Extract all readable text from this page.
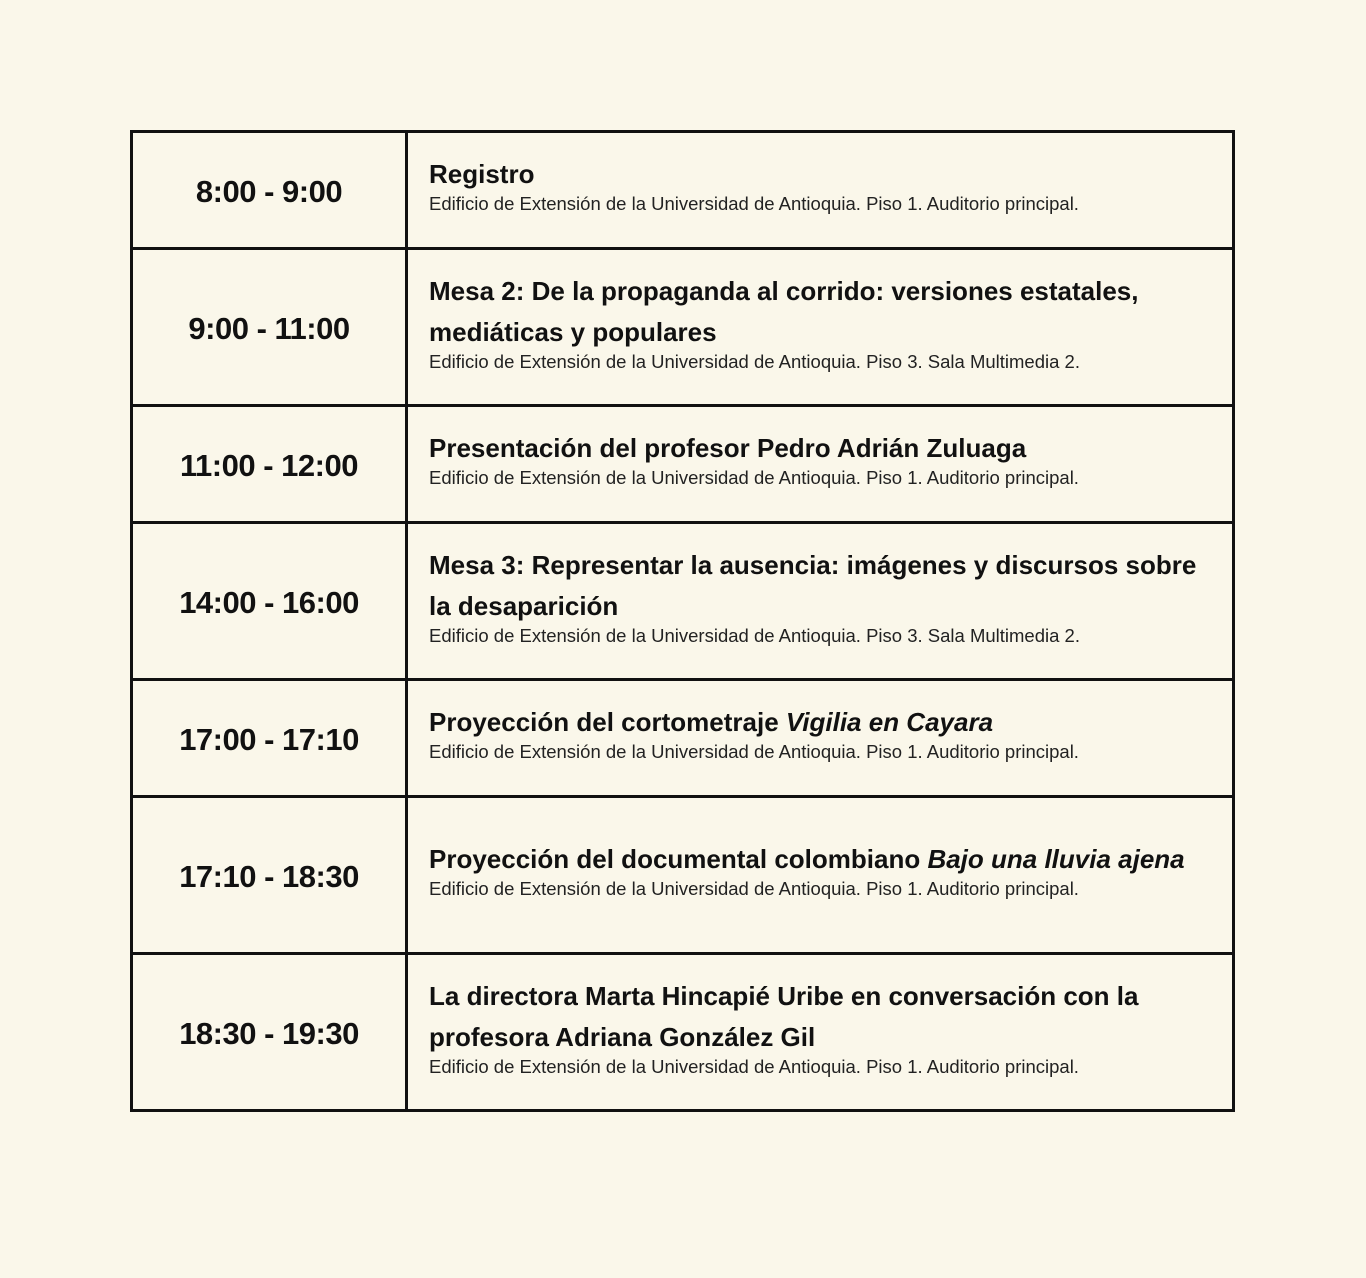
8:00 - 9:00	Registro
Edificio de Extensión de la Universidad de Antioquia. Piso 1. Auditorio principal.

9:00 - 11:00	Mesa 2: De la propaganda al corrido: versiones estatales, mediáticas y populares
Edificio de Extensión de la Universidad de Antioquia. Piso 3. Sala Multimedia 2.

11:00 - 12:00	Presentación del profesor Pedro Adrián Zuluaga
Edificio de Extensión de la Universidad de Antioquia. Piso 1. Auditorio principal.

14:00 - 16:00	Mesa 3: Representar la ausencia: imágenes y discursos sobre la desaparición
Edificio de Extensión de la Universidad de Antioquia. Piso 3. Sala Multimedia 2.

17:00 - 17:10	Proyección del cortometraje Vigilia en Cayara
Edificio de Extensión de la Universidad de Antioquia. Piso 1. Auditorio principal.

17:10 - 18:30	Proyección del documental colombiano Bajo una lluvia ajena
Edificio de Extensión de la Universidad de Antioquia. Piso 1. Auditorio principal.

18:30 - 19:30	La directora Marta Hincapié Uribe en conversación con la profesora Adriana González Gil
Edificio de Extensión de la Universidad de Antioquia. Piso 1. Auditorio principal.
